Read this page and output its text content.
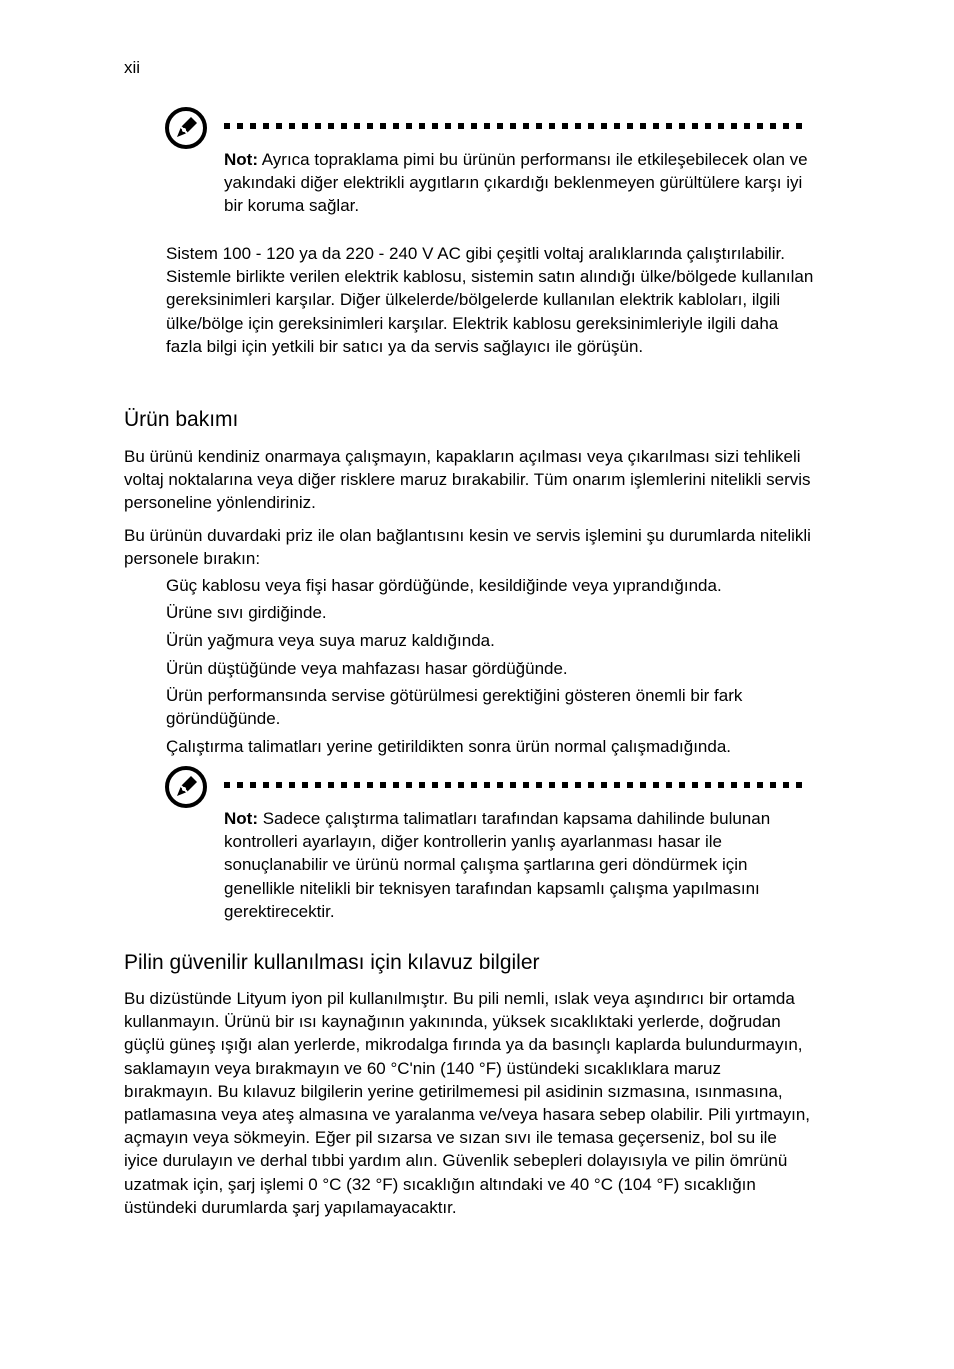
xii

Not: Ayrıca topraklama pimi bu ürünün performansı ile etkileşebilecek olan ve yakındaki diğer elektrikli aygıtların çıkardığı beklenmeyen gürültülere karşı iyi bir koruma sağlar.

Sistem 100 - 120 ya da 220 - 240 V AC gibi çeşitli voltaj aralıklarında çalıştırılabilir. Sistemle birlikte verilen elektrik kablosu, sistemin satın alındığı ülke/bölgede kullanılan gereksinimleri karşılar. Diğer ülkelerde/bölgelerde kullanılan elektrik kabloları, ilgili ülke/bölge için gereksinimleri karşılar. Elektrik kablosu gereksinimleriyle ilgili daha fazla bilgi için yetkili bir satıcı ya da servis sağlayıcı ile görüşün.

Ürün bakımı

Bu ürünü kendiniz onarmaya çalışmayın, kapakların açılması veya çıkarılması sizi tehlikeli voltaj noktalarına veya diğer risklere maruz bırakabilir. Tüm onarım işlemlerini nitelikli servis personeline yönlendiriniz.

Bu ürünün duvardaki priz ile olan bağlantısını kesin ve servis işlemini şu durumlarda nitelikli personele bırakın:

Güç kablosu veya fişi hasar gördüğünde, kesildiğinde veya yıprandığında.
Ürüne sıvı girdiğinde.
Ürün yağmura veya suya maruz kaldığında.
Ürün düştüğünde veya mahfazası hasar gördüğünde.
Ürün performansında servise götürülmesi gerektiğini gösteren önemli bir fark göründüğünde.
Çalıştırma talimatları yerine getirildikten sonra ürün normal çalışmadığında.

Not: Sadece çalıştırma talimatları tarafından kapsama dahilinde bulunan kontrolleri ayarlayın, diğer kontrollerin yanlış ayarlanması hasar ile sonuçlanabilir ve ürünü normal çalışma şartlarına geri döndürmek için genellikle nitelikli bir teknisyen tarafından kapsamlı çalışma yapılmasını gerektirecektir.

Pilin güvenilir kullanılması için kılavuz bilgiler

Bu dizüstünde Lityum iyon pil kullanılmıştır. Bu pili nemli, ıslak veya aşındırıcı bir ortamda kullanmayın. Ürünü bir ısı kaynağının yakınında, yüksek sıcaklıktaki yerlerde, doğrudan güçlü güneş ışığı alan yerlerde, mikrodalga fırında ya da basınçlı kaplarda bulundurmayın, saklamayın veya bırakmayın ve 60 °C'nin (140 °F) üstündeki sıcaklıklara maruz bırakmayın. Bu kılavuz bilgilerin yerine getirilmemesi pil asidinin sızmasına, ısınmasına, patlamasına veya ateş almasına ve yaralanma ve/veya hasara sebep olabilir. Pili yırtmayın, açmayın veya sökmeyin. Eğer pil sızarsa ve sızan sıvı ile temasa geçerseniz, bol su ile iyice durulayın ve derhal tıbbi yardım alın. Güvenlik sebepleri dolayısıyla ve pilin ömrünü uzatmak için, şarj işlemi 0 °C (32 °F) sıcaklığın altındaki ve 40 °C (104 °F) sıcaklığın üstündeki durumlarda şarj yapılamayacaktır.
